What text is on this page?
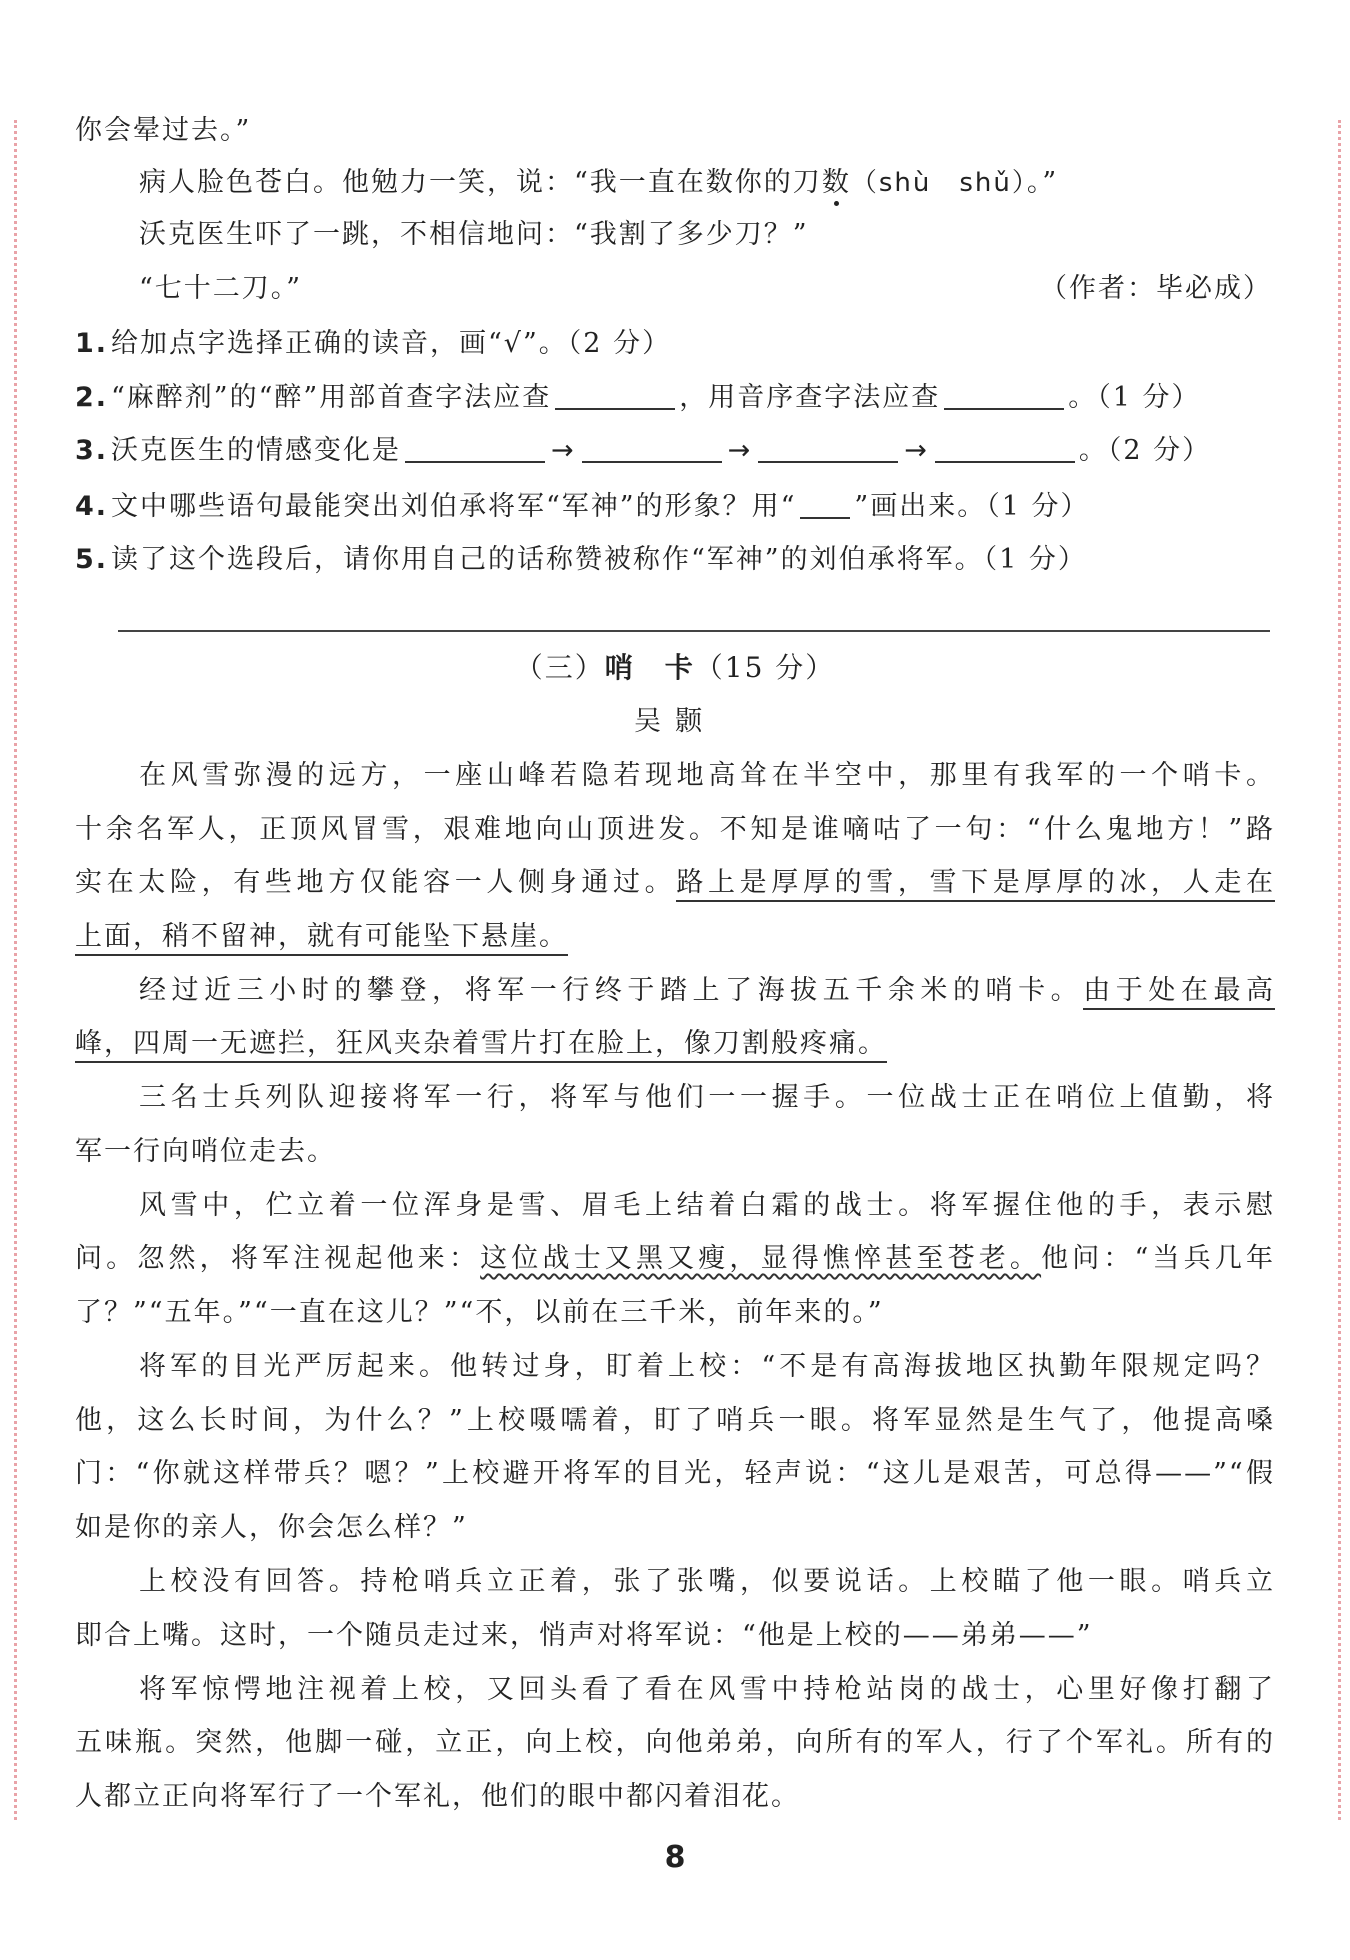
你会晕过去。”
病人脸色苍白。他勉力一笑，说：“我一直在数你的刀数（shù　shǔ）。”
沃克医生吓了一跳，不相信地问：“我割了多少刀？”
“七十二刀。”	（作者：毕必成）
1. 给加点字选择正确的读音，画“√”。（2 分）
2. “麻醉剂”的“醉”用部首查字法应查	，用音序查字法应查	。（1 分）
3. 沃克医生的情感变化是	→	→	→	。（2 分）
4. 文中哪些语句最能突出刘伯承将军“军神”的形象？用“ ”画出来。（1 分）
5. 读了这个选段后，请你用自己的话称赞被称作“军神”的刘伯承将军。（1 分）
（三）哨　卡（15 分）
吴颢
在风雪弥漫的远方，一座山峰若隐若现地高耸在半空中，那里有我军的一个哨卡。
十余名军人，正顶风冒雪，艰难地向山顶进发。不知是谁嘀咕了一句：“什么鬼地方！”路
实在太险，有些地方仅能容一人侧身通过。路上是厚厚的雪，雪下是厚厚的冰，人走在
上面，稍不留神，就有可能坠下悬崖。
经过近三小时的攀登，将军一行终于踏上了海拔五千余米的哨卡。由于处在最高
峰，四周一无遮拦，狂风夹杂着雪片打在脸上，像刀割般疼痛。
三名士兵列队迎接将军一行，将军与他们一一握手。一位战士正在哨位上值勤，将
军一行向哨位走去。
风雪中，伫立着一位浑身是雪、眉毛上结着白霜的战士。将军握住他的手，表示慰
问。忽然，将军注视起他来：这位战士又黑又瘦，显得憔悴甚至苍老。他问：“当兵几年
了？”“五年。”“一直在这儿？”“不，以前在三千米，前年来的。”
将军的目光严厉起来。他转过身，盯着上校：“不是有高海拔地区执勤年限规定吗？
他，这么长时间，为什么？”上校嗫嚅着，盯了哨兵一眼。将军显然是生气了，他提高嗓
门：“你就这样带兵？嗯？”上校避开将军的目光，轻声说：“这儿是艰苦，可总得——”“假
如是你的亲人，你会怎么样？”
上校没有回答。持枪哨兵立正着，张了张嘴，似要说话。上校瞄了他一眼。哨兵立
即合上嘴。这时，一个随员走过来，悄声对将军说：“他是上校的——弟弟——”
将军惊愕地注视着上校，又回头看了看在风雪中持枪站岗的战士，心里好像打翻了
五味瓶。突然，他脚一碰，立正，向上校，向他弟弟，向所有的军人，行了个军礼。所有的
人都立正向将军行了一个军礼，他们的眼中都闪着泪花。
8
